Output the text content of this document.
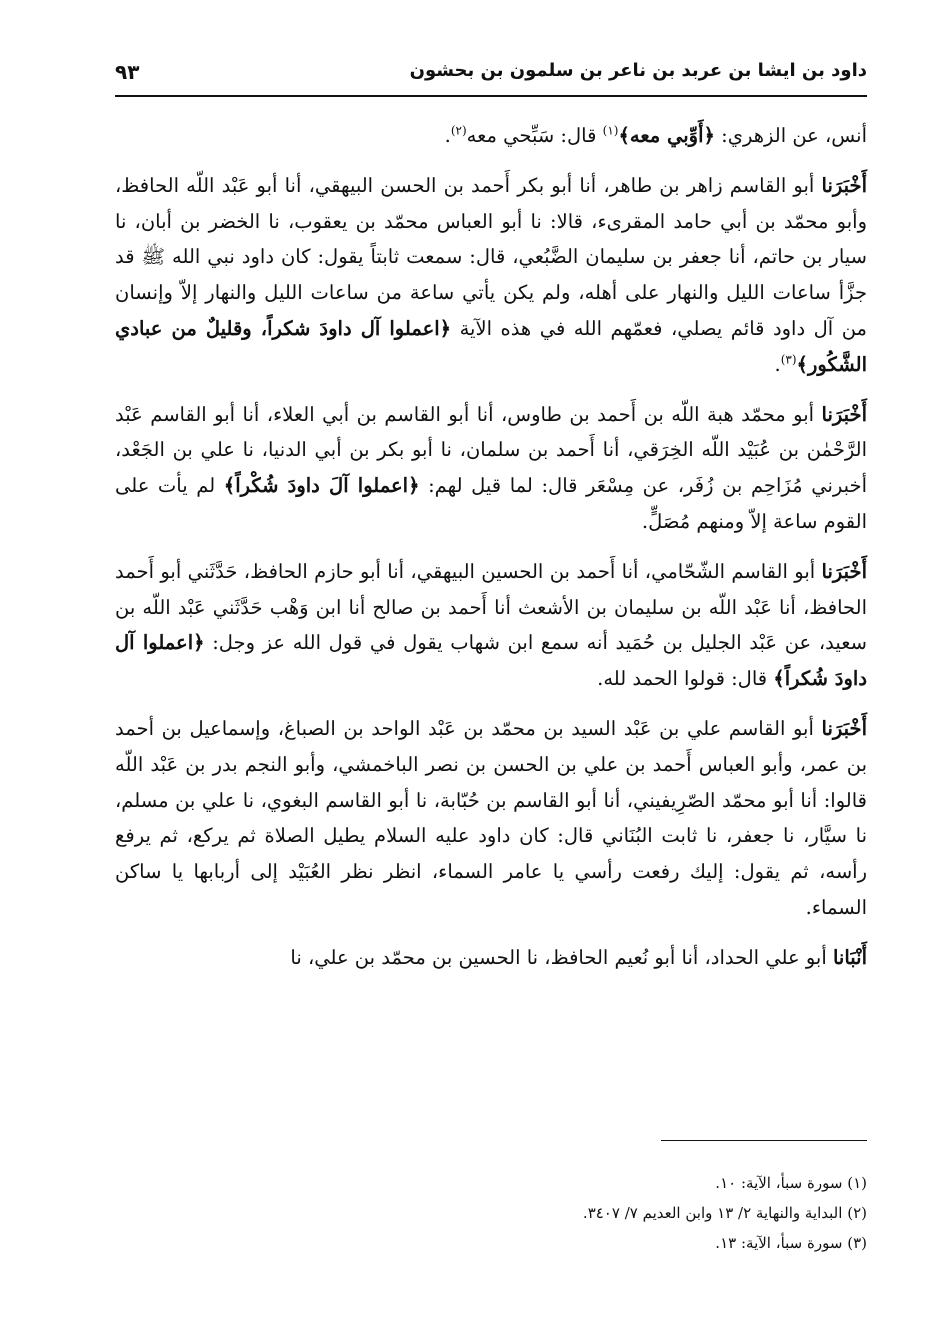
داود بن ايشا بن عربد بن ناعر بن سلمون بن بحشون
٩٣

أنس، عن الزهري: ﴿أَوِّبي معه﴾$^{(١)}$ قال: سَبِّحي معه$^{(٢)}$.

أَخْبَرَنا أبو القاسم زاهر بن طاهر، أنا أبو بكر أَحمد بن الحسن البيهقي، أنا أبو عَبْد اللّه الحافظ، وأبو محمّد بن أبي حامد المقرىء، قالا: نا أبو العباس محمّد بن يعقوب، نا الخضر بن أبان، نا سيار بن حاتم، أنا جعفر بن سليمان الضَّبُعي، قال: سمعت ثابتاً يقول: كان داود نبي الله ﷺ قد جزَّأ ساعات الليل والنهار على أهله، ولم يكن يأتي ساعة من ساعات الليل والنهار إلاّ وإنسان من آل داود قائم يصلي، فعمّهم الله في هذه الآية ﴿اعملوا آل داودَ شكراً، وقليلٌ من عبادي الشَّكُور﴾$^{(٣)}$.

أَخْبَرَنا أبو محمّد هبة اللّه بن أَحمد بن طاوس، أنا أبو القاسم بن أبي العلاء، أنا أبو القاسم عَبْد الرَّحْمٰن بن عُبَيْد اللّه الخِرَقي، أنا أَحمد بن سلمان، نا أبو بكر بن أبي الدنيا، نا علي بن الجَعْد، أخبرني مُزَاحِم بن زُفَر، عن مِسْعَر قال: لما قيل لهم: ﴿اعملوا آلَ داودَ شُكْراً﴾ لم يأت على القوم ساعة إلاّ ومنهم مُصَلٍّ.

أَخْبَرَنا أبو القاسم الشّحّامي، أنا أَحمد بن الحسين البيهقي، أنا أبو حازم الحافظ، حَدَّثَني أبو أَحمد الحافظ، أنا عَبْد اللّه بن سليمان بن الأشعث أنا أَحمد بن صالح أنا ابن وَهْب حَدَّثَني عَبْد اللّه بن سعيد، عن عَبْد الجليل بن حُمَيد أنه سمع ابن شهاب يقول في قول الله عز وجل: ﴿اعملوا آل داودَ شُكراً﴾ قال: قولوا الحمد لله.

أَخْبَرَنا أبو القاسم علي بن عَبْد السيد بن محمّد بن عَبْد الواحد بن الصباغ، وإسماعيل بن أحمد بن عمر، وأبو العباس أَحمد بن علي بن الحسن بن نصر الباخمشي، وأبو النجم بدر بن عَبْد اللّه قالوا: أنا أبو محمّد الصّرِيفيني، أنا أبو القاسم بن حُبّابة، نا أبو القاسم البغوي، نا علي بن مسلم، نا سيَّار، نا جعفر، نا ثابت البُنَاني قال: كان داود عليه السلام يطيل الصلاة ثم يركع، ثم يرفع رأسه، ثم يقول: إليك رفعت رأسي يا عامر السماء، انظر نظر العُبَيْد إلى أربابها يا ساكن السماء.

أَنْبَانا أبو علي الحداد، أنا أبو نُعيم الحافظ، نا الحسين بن محمّد بن علي، نا

(١) سورة سبأ، الآية: ١٠.
(٢) البداية والنهاية ٢/ ١٣ وابن العديم ٧/ ٣٤٠٧.
(٣) سورة سبأ، الآية: ١٣.
